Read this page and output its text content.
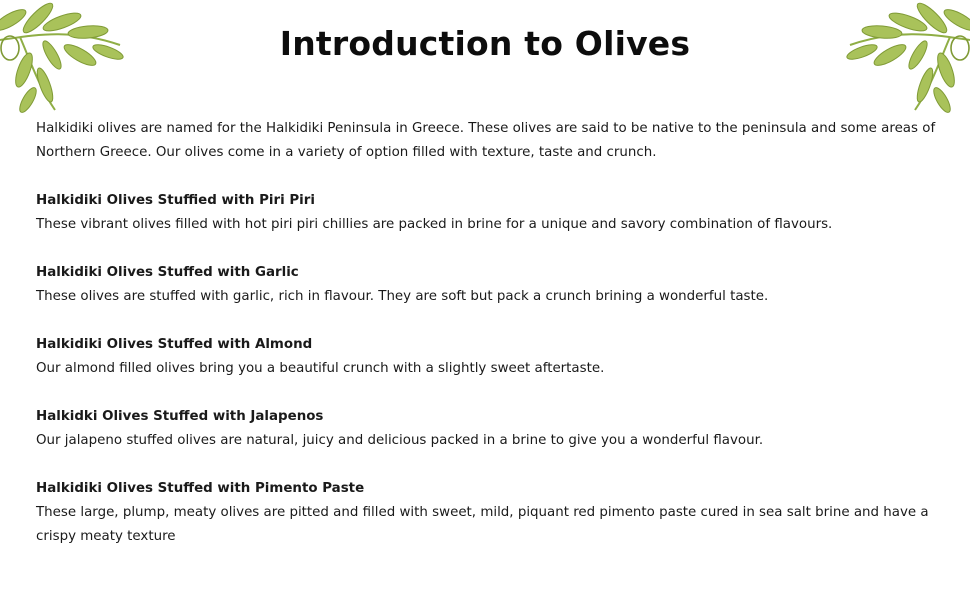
Introduction to Olives

Halkidiki olives are named for the Halkidiki Peninsula in Greece. These olives are said to be native to the peninsula and some areas of Northern Greece. Our olives come in a variety of option filled with texture, taste and crunch.

Halkidiki Olives Stuffied with Piri Piri

These vibrant olives filled with hot piri piri chillies are packed in brine for a unique and savory combination of flavours.

Halkidiki Olives Stuffed with Garlic

These olives are stuffed with garlic, rich in flavour. They are soft but pack a crunch brining a wonderful taste.

Halkidiki Olives Stuffed with Almond

Our almond filled olives bring you a beautiful crunch with a slightly sweet aftertaste.

Halkidki Olives Stuffed with Jalapenos

Our jalapeno stuffed olives are natural, juicy and delicious packed in a brine to give you a wonderful flavour.

Halkidiki Olives Stuffed with Pimento Paste

These large, plump, meaty olives are pitted and filled with sweet, mild, piquant red pimento paste cured in sea salt brine and have a crispy meaty texture
